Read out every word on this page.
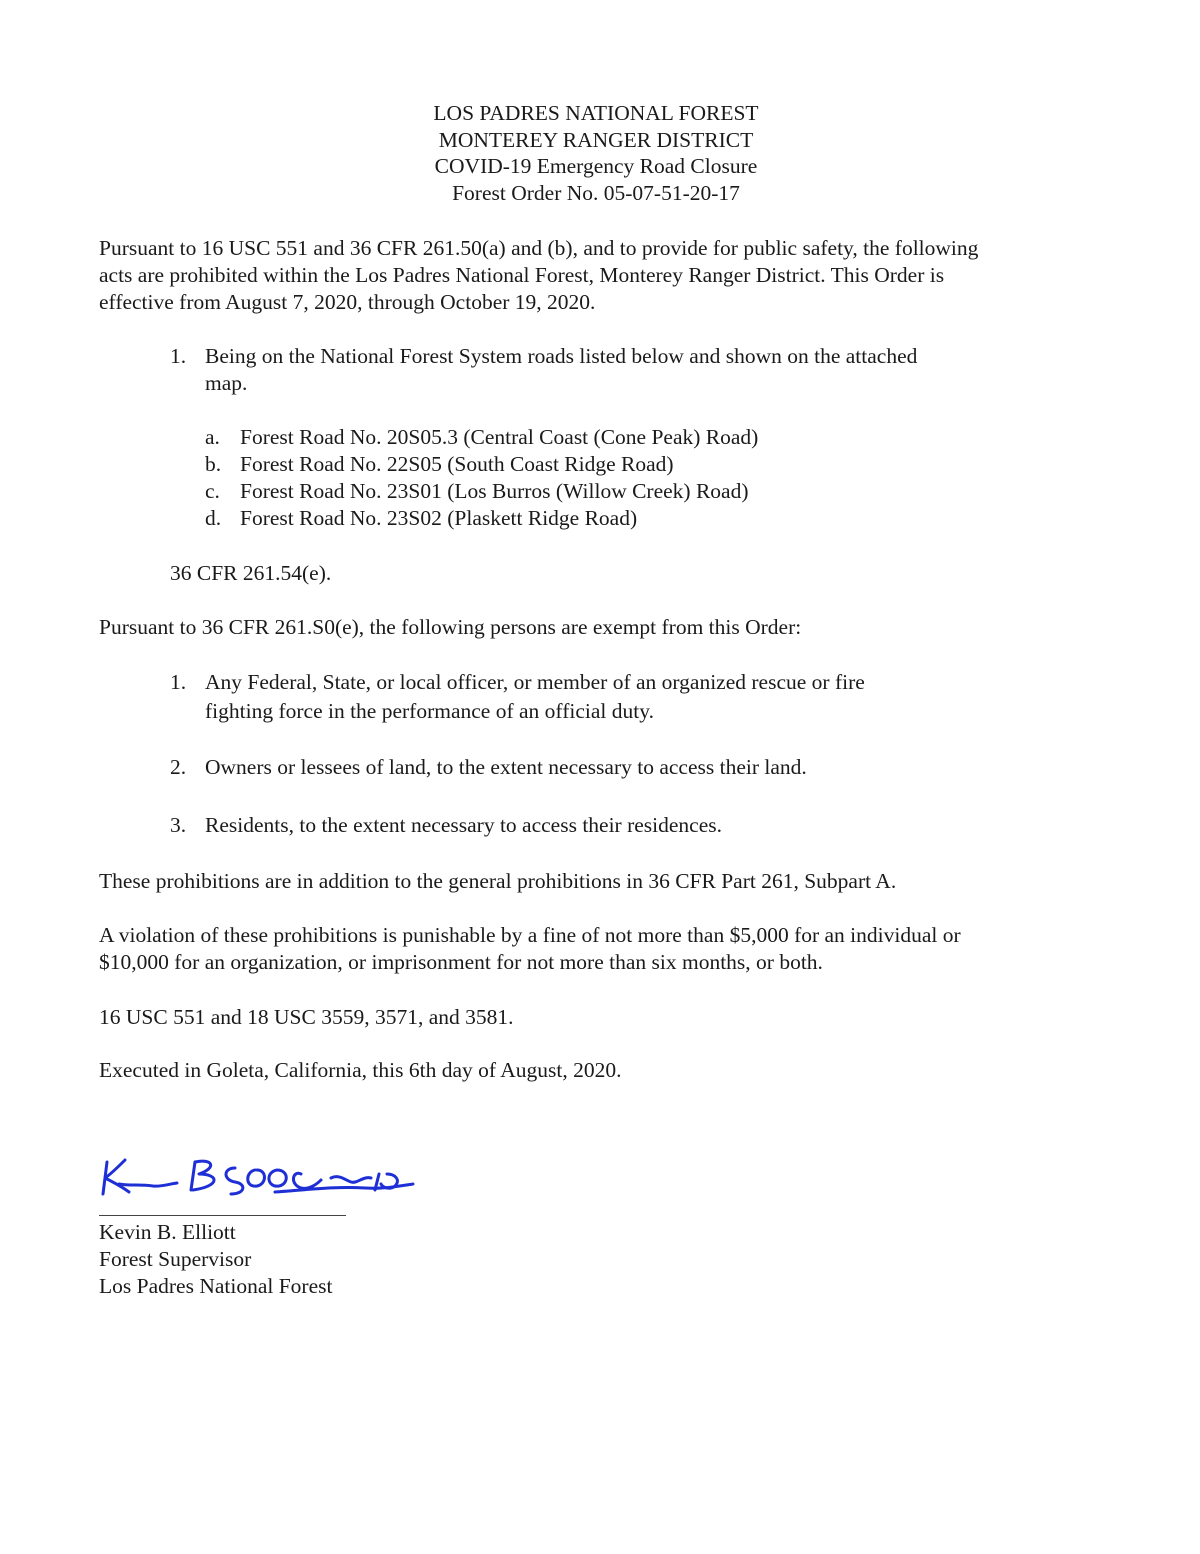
LOS PADRES NATIONAL FOREST
MONTEREY RANGER DISTRICT
COVID-19 Emergency Road Closure
Forest Order No. 05-07-51-20-17
Pursuant to 16 USC 551 and 36 CFR 261.50(a) and (b), and to provide for public safety, the following
acts are prohibited within the Los Padres National Forest, Monterey Ranger District. This Order is
effective from August 7, 2020, through October 19, 2020.
1. Being on the National Forest System roads listed below and shown on the attached
map.
a. Forest Road No. 20S05.3 (Central Coast (Cone Peak) Road)
b. Forest Road No. 22S05 (South Coast Ridge Road)
c. Forest Road No. 23S01 (Los Burros (Willow Creek) Road)
d. Forest Road No. 23S02 (Plaskett Ridge Road)
36 CFR 261.54(e).
Pursuant to 36 CFR 261.S0(e), the following persons are exempt from this Order:
1. Any Federal, State, or local officer, or member of an organized rescue or fire
fighting force in the performance of an official duty.
2. Owners or lessees of land, to the extent necessary to access their land.
3. Residents, to the extent necessary to access their residences.
These prohibitions are in addition to the general prohibitions in 36 CFR Part 261, Subpart A.
A violation of these prohibitions is punishable by a fine of not more than $5,000 for an individual or
$10,000 for an organization, or imprisonment for not more than six months, or both.
16 USC 551 and 18 USC 3559, 3571, and 3581.
Executed in Goleta, California, this 6th day of August, 2020.
Kevin B. Elliott
Forest Supervisor
Los Padres National Forest
